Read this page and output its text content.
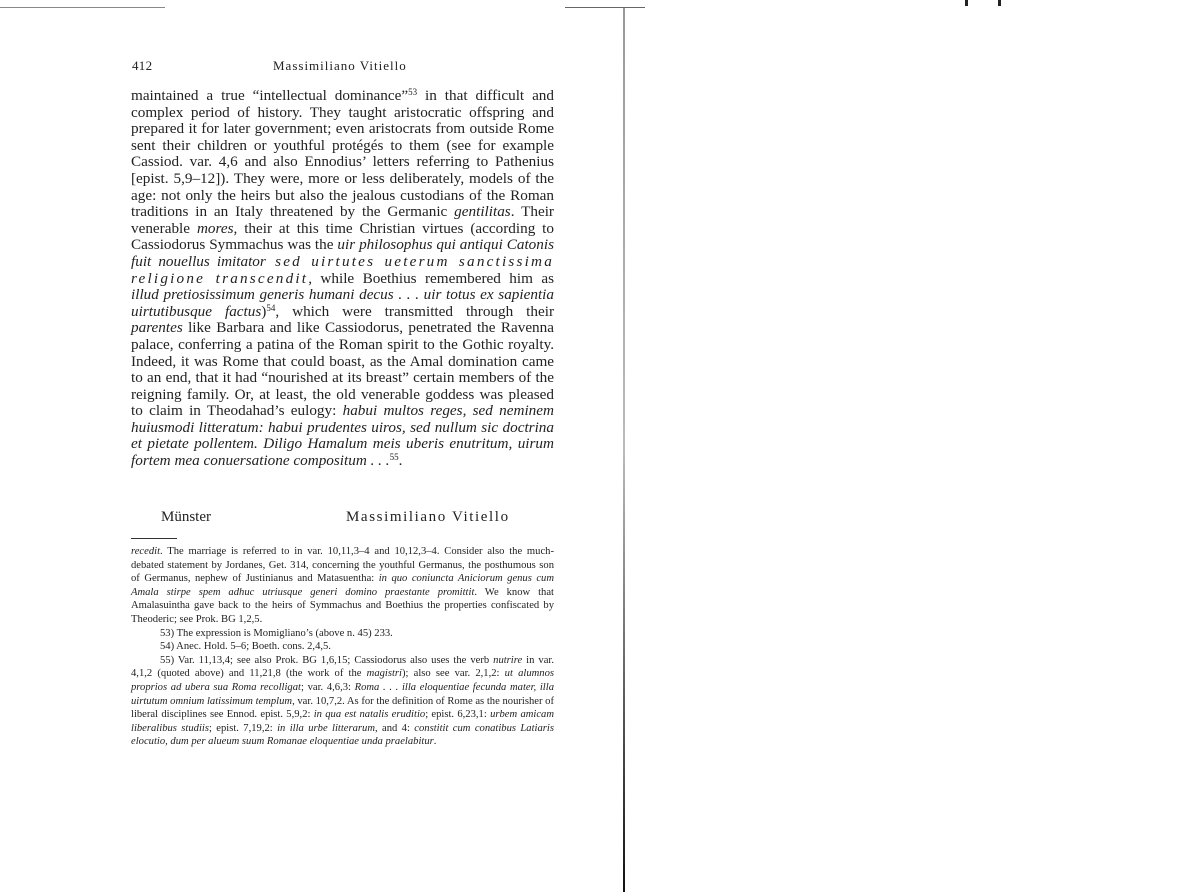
412	Massimiliano Vitiello
maintained a true “intellectual dominance”$^{53}$ in that difficult and complex period of history. They taught aristocratic offspring and prepared it for later government; even aristocrats from outside Rome sent their children or youthful protégés to them (see for example Cassiod. var. 4,6 and also Ennodius’ letters referring to Pathenius [epist. 5,9–12]). They were, more or less deliberately, models of the age: not only the heirs but also the jealous custodians of the Roman traditions in an Italy threatened by the Germanic gentilitas. Their venerable mores, their at this time Christian virtues (according to Cassiodorus Symmachus was the uir philosophus qui antiqui Catonis fuit nouellus imitator sed uirtutes ueterum sanctissima religione transcendit, while Boethius remembered him as illud pretiosissimum generis humani decus . . . uir totus ex sapientia uirtutibusque factus)$^{54}$, which were transmitted through their parentes like Barbara and like Cassiodorus, penetrated the Ravenna palace, conferring a patina of the Roman spirit to the Gothic royalty. Indeed, it was Rome that could boast, as the Amal domination came to an end, that it had “nourished at its breast” certain members of the reigning family. Or, at least, the old venerable goddess was pleased to claim in Theodahad’s eulogy: habui multos reges, sed neminem huiusmodi litteratum: habui prudentes uiros, sed nullum sic doctrina et pietate pollentem. Diligo Hamalum meis uberis enutritum, uirum fortem mea conuersatione compositum . . .$^{55}$.
Münster	Massimiliano Vitiello

recedit. The marriage is referred to in var. 10,11,3–4 and 10,12,3–4. Consider also the much-debated statement by Jordanes, Get. 314, concerning the youthful Germanus, the posthumous son of Germanus, nephew of Justinianus and Matasuentha: in quo coniuncta Aniciorum genus cum Amala stirpe spem adhuc utriusque generi domino praestante promittit. We know that Amalasuintha gave back to the heirs of Symmachus and Boethius the properties confiscated by Theoderic; see Prok. BG 1,2,5.

53) The expression is Momigliano’s (above n. 45) 233.

54) Anec. Hold. 5–6; Boeth. cons. 2,4,5.

55) Var. 11,13,4; see also Prok. BG 1,6,15; Cassiodorus also uses the verb nutrire in var. 4,1,2 (quoted above) and 11,21,8 (the work of the magistri); also see var. 2,1,2: ut alumnos proprios ad ubera sua Roma recolligat; var. 4,6,3: Roma . . . illa eloquentiae fecunda mater, illa uirtutum omnium latissimum templum, var. 10,7,2. As for the definition of Rome as the nourisher of liberal disciplines see Ennod. epist. 5,9,2: in qua est natalis eruditio; epist. 6,23,1: urbem amicam liberalibus studiis; epist. 7,19,2: in illa urbe litterarum, and 4: constitit cum conatibus Latiaris elocutio, dum per alueum suum Romanae eloquentiae unda praelabitur.
